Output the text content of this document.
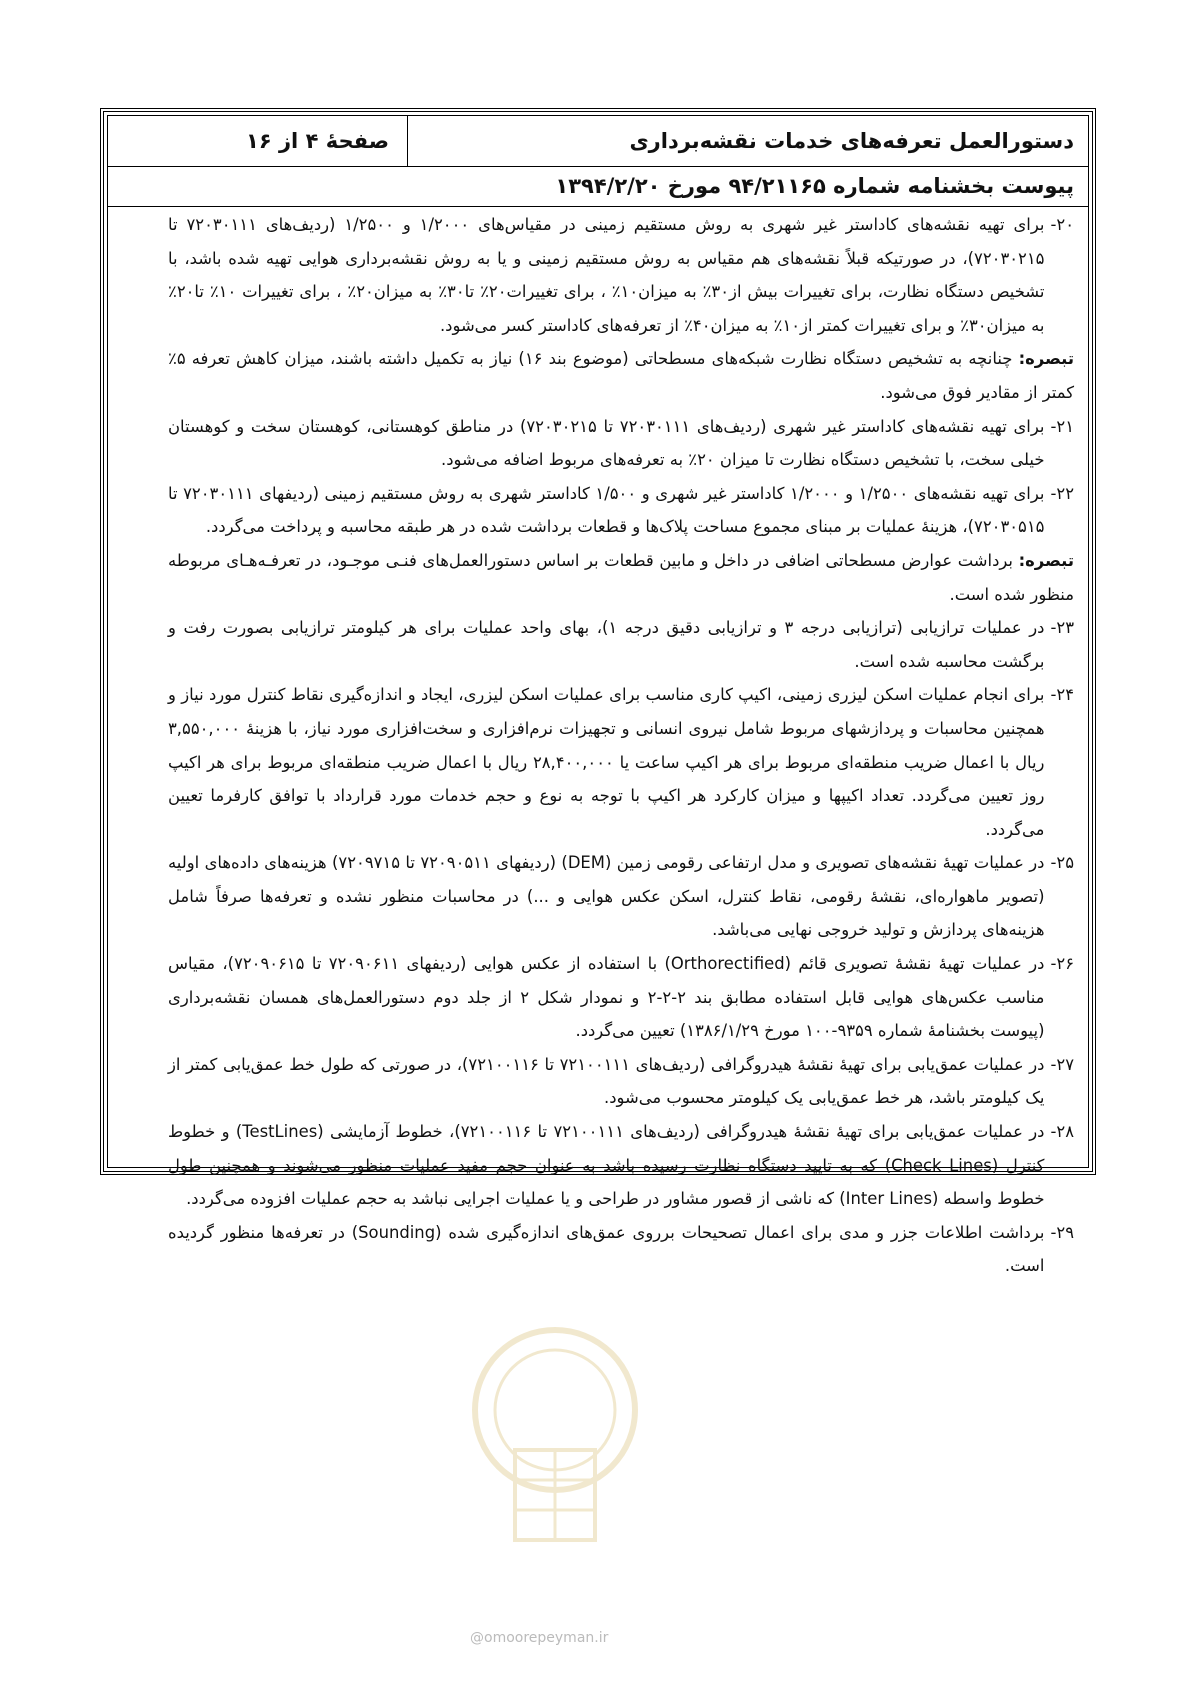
دستورالعمل تعرفه‌های خدمات نقشه‌برداری
صفحهٔ ۴ از ۱۶
پیوست بخشنامه شماره ۹۴/۲۱۱۶۵ مورخ ۱۳۹۴/۲/۲۰
۲۰-
برای تهیه نقشه‌های کاداستر غیر شهری به روش مستقیم زمینی در مقیاس‌های ۱/۲۰۰۰ و ۱/۲۵۰۰ (ردیف‌های ۷۲۰۳۰۱۱۱ تا ۷۲۰۳۰۲۱۵)، در صورتیکه قبلاً نقشه‌های هم مقیاس به روش مستقیم زمینی و یا به روش نقشه‌برداری هوایی تهیه شده باشد، با تشخیص دستگاه نظارت، برای تغییرات بیش از۳۰٪ به میزان۱۰٪ ، برای تغییرات۲۰٪ تا۳۰٪ به میزان۲۰٪ ، برای تغییرات ۱۰٪ تا۲۰٪ به میزان۳۰٪ و برای تغییرات کمتر از۱۰٪ به میزان۴۰٪ از تعرفه‌های کاداستر کسر می‌شود.
تبصره: چنانچه به تشخیص دستگاه نظارت شبکه‌های مسطحاتی (موضوع بند ۱۶) نیاز به تکمیل داشته باشند، میزان کاهش تعرفه ۵٪ کمتر از مقادیر فوق می‌شود.
۲۱-
برای تهیه نقشه‌های کاداستر غیر شهری (ردیف‌های ۷۲۰۳۰۱۱۱ تا ۷۲۰۳۰۲۱۵) در مناطق کوهستانی، کوهستان سخت و کوهستان خیلی سخت، با تشخیص دستگاه نظارت تا میزان ۲۰٪ به تعرفه‌های مربوط اضافه می‌شود.
۲۲-
برای تهیه نقشه‌های ۱/۲۵۰۰ و ۱/۲۰۰۰ کاداستر غیر شهری و ۱/۵۰۰ کاداستر شهری به روش مستقیم زمینی (ردیفهای ۷۲۰۳۰۱۱۱ تا ۷۲۰۳۰۵۱۵)، هزینهٔ عملیات بر مبنای مجموع مساحت پلاک‌ها و قطعات برداشت شده در هر طبقه محاسبه و پرداخت می‌گردد.
تبصره: برداشت عوارض مسطحاتی اضافی در داخل و مابین قطعات بر اساس دستورالعمل‌های فنـی موجـود، در تعرفـه‌هـای مربوطه منظور شده است.
۲۳-
در عملیات ترازیابی (ترازیابی درجه ۳ و ترازیابی دقیق درجه ۱)، بهای واحد عملیات برای هر کیلومتر ترازیابی بصورت رفت و برگشت محاسبه شده است.
۲۴-
برای انجام عملیات اسکن لیزری زمینی، اکیپ کاری مناسب برای عملیات اسکن لیزری، ایجاد و اندازه‌گیری نقاط کنترل مورد نیاز و همچنین محاسبات و پردازشهای مربوط شامل نیروی انسانی و تجهیزات نرم‌افزاری و سخت‌افزاری مورد نیاز، با هزینهٔ ۳,۵۵۰,۰۰۰ ریال با اعمال ضریب منطقه‌ای مربوط برای هر اکیپ ساعت یا ۲۸,۴۰۰,۰۰۰ ریال با اعمال ضریب منطقه‌ای مربوط برای هر اکیپ روز تعیین می‌گردد. تعداد اکیپها و میزان کارکرد هر اکیپ با توجه به نوع و حجم خدمات مورد قرارداد با توافق کارفرما تعیین می‌گردد.
۲۵-
در عملیات تهیهٔ نقشه‌های تصویری و مدل ارتفاعی رقومی زمین (DEM) (ردیفهای ۷۲۰۹۰۵۱۱ تا ۷۲۰۹۷۱۵) هزینه‌های داده‌های اولیه (تصویر ماهواره‌ای، نقشهٔ رقومی، نقاط کنترل، اسکن عکس هوایی و ...) در محاسبات منظور نشده و تعرفه‌ها صرفاً شامل هزینه‌های پردازش و تولید خروجی نهایی می‌باشد.
۲۶-
در عملیات تهیهٔ نقشهٔ تصویری قائم (Orthorectified) با استفاده از عکس هوایی (ردیفهای ۷۲۰۹۰۶۱۱ تا ۷۲۰۹۰۶۱۵)، مقیاس مناسب عکس‌های هوایی قابل استفاده مطابق بند ۲-۲-۲ و نمودار شکل ۲ از جلد دوم دستورالعمل‌های همسان نقشه‌برداری (پیوست بخشنامهٔ شماره ۹۳۵۹-۱۰۰ مورخ ۱۳۸۶/۱/۲۹) تعیین می‌گردد.
۲۷-
در عملیات عمق‌یابی برای تهیهٔ نقشهٔ هیدروگرافی (ردیف‌های ۷۲۱۰۰۱۱۱ تا ۷۲۱۰۰۱۱۶)، در صورتی که طول خط عمق‌یابی کمتر از یک کیلومتر باشد، هر خط عمق‌یابی یک کیلومتر محسوب می‌شود.
۲۸-
در عملیات عمق‌یابی برای تهیهٔ نقشهٔ هیدروگرافی (ردیف‌های ۷۲۱۰۰۱۱۱ تا ۷۲۱۰۰۱۱۶)، خطوط آزمایشی (TestLines) و خطوط کنترل (Check Lines) که به تایید دستگاه نظارت رسیده باشد به عنوان حجم مفید عملیات منظور می‌شوند و همچنین طول خطوط واسطه (Inter Lines) که ناشی از قصور مشاور در طراحی و یا عملیات اجرایی نباشد به حجم عملیات افزوده می‌گردد.
۲۹-
برداشت اطلاعات جزر و مدی برای اعمال تصحیحات برروی عمق‌های اندازه‌گیری شده (Sounding) در تعرفه‌ها منظور گردیده است.
@omoorepeyman.ir
